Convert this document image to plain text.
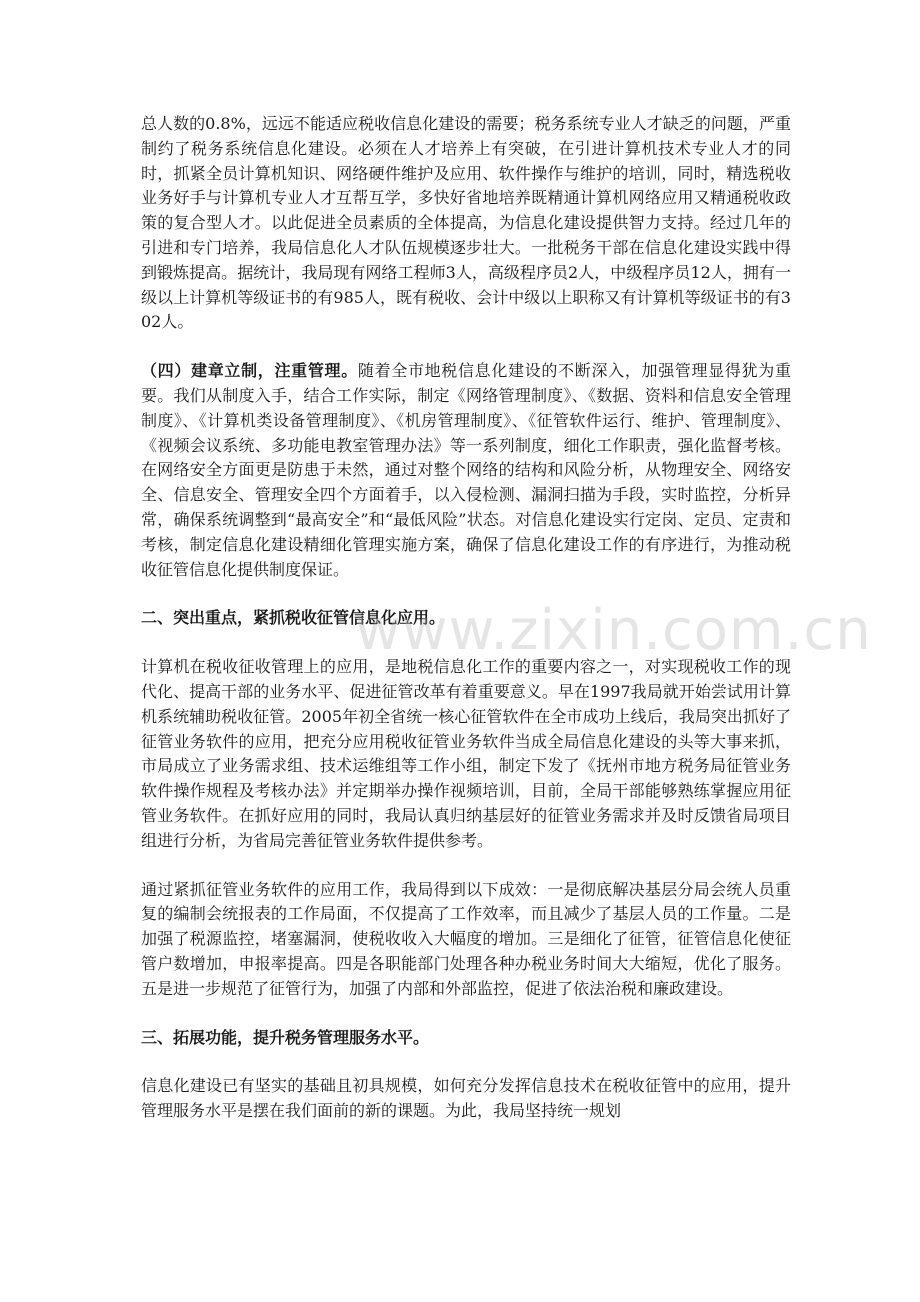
总人数的0.8%，远远不能适应税收信息化建设的需要；税务系统专业人才缺乏的问题，严重制约了税务系统信息化建设。必须在人才培养上有突破，在引进计算机技术专业人才的同时，抓紧全员计算机知识、网络硬件维护及应用、软件操作与维护的培训，同时，精选税收业务好手与计算机专业人才互帮互学，多快好省地培养既精通计算机网络应用又精通税收政策的复合型人才。以此促进全员素质的全体提高，为信息化建设提供智力支持。经过几年的引进和专门培养，我局信息化人才队伍规模逐步壮大。一批税务干部在信息化建设实践中得到锻炼提高。据统计，我局现有网络工程师3人，高级程序员2人，中级程序员12人，拥有一级以上计算机等级证书的有985人，既有税收、会计中级以上职称又有计算机等级证书的有302人。

（四）建章立制，注重管理。随着全市地税信息化建设的不断深入，加强管理显得犹为重要。我们从制度入手，结合工作实际，制定《网络管理制度》、《数据、资料和信息安全管理制度》、《计算机类设备管理制度》、《机房管理制度》、《征管软件运行、维护、管理制度》、《视频会议系统、多功能电教室管理办法》等一系列制度，细化工作职责，强化监督考核。在网络安全方面更是防患于未然，通过对整个网络的结构和风险分析，从物理安全、网络安全、信息安全、管理安全四个方面着手，以入侵检测、漏洞扫描为手段，实时监控，分析异常，确保系统调整到“最高安全”和“最低风险”状态。对信息化建设实行定岗、定员、定责和考核，制定信息化建设精细化管理实施方案，确保了信息化建设工作的有序进行，为推动税收征管信息化提供制度保证。

二、突出重点，紧抓税收征管信息化应用。

计算机在税收征收管理上的应用，是地税信息化工作的重要内容之一，对实现税收工作的现代化、提高干部的业务水平、促进征管改革有着重要意义。早在1997我局就开始尝试用计算机系统辅助税收征管。2005年初全省统一核心征管软件在全市成功上线后，我局突出抓好了征管业务软件的应用，把充分应用税收征管业务软件当成全局信息化建设的头等大事来抓，市局成立了业务需求组、技术运维组等工作小组，制定下发了《抚州市地方税务局征管业务软件操作规程及考核办法》并定期举办操作视频培训，目前，全局干部能够熟练掌握应用征管业务软件。在抓好应用的同时，我局认真归纳基层好的征管业务需求并及时反馈省局项目组进行分析，为省局完善征管业务软件提供参考。

通过紧抓征管业务软件的应用工作，我局得到以下成效：一是彻底解决基层分局会统人员重复的编制会统报表的工作局面，不仅提高了工作效率，而且减少了基层人员的工作量。二是加强了税源监控，堵塞漏洞，使税收收入大幅度的增加。三是细化了征管，征管信息化使征管户数增加，申报率提高。四是各职能部门处理各种办税业务时间大大缩短，优化了服务。五是进一步规范了征管行为，加强了内部和外部监控，促进了依法治税和廉政建设。

三、拓展功能，提升税务管理服务水平。

信息化建设已有坚实的基础且初具规模，如何充分发挥信息技术在税收征管中的应用，提升管理服务水平是摆在我们面前的新的课题。为此，我局坚持统一规划

www.zixin.com.cn
